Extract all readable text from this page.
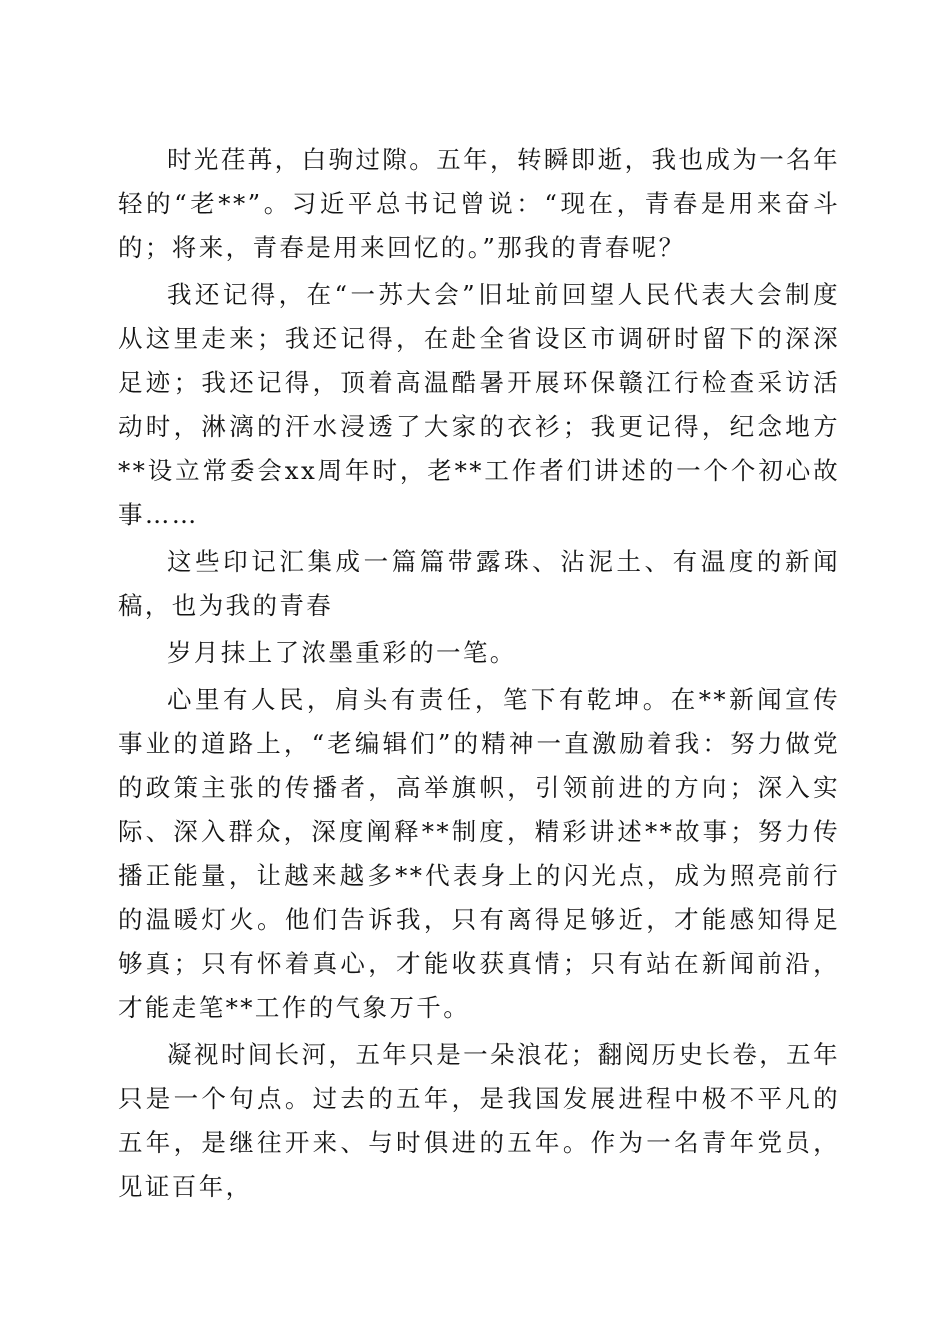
时光荏苒，白驹过隙。五年，转瞬即逝，我也成为一名年轻的“老**”。习近平总书记曾说：“现在，青春是用来奋斗的；将来，青春是用来回忆的。”那我的青春呢？

我还记得，在“一苏大会”旧址前回望人民代表大会制度从这里走来；我还记得，在赴全省设区市调研时留下的深深足迹；我还记得，顶着高温酷暑开展环保赣江行检查采访活动时，淋漓的汗水浸透了大家的衣衫；我更记得，纪念地方**设立常委会xx周年时，老**工作者们讲述的一个个初心故事……

这些印记汇集成一篇篇带露珠、沾泥土、有温度的新闻稿，也为我的青春

岁月抹上了浓墨重彩的一笔。

心里有人民，肩头有责任，笔下有乾坤。在**新闻宣传事业的道路上，“老编辑们”的精神一直激励着我：努力做党的政策主张的传播者，高举旗帜，引领前进的方向；深入实际、深入群众，深度阐释**制度，精彩讲述**故事；努力传播正能量，让越来越多**代表身上的闪光点，成为照亮前行的温暖灯火。他们告诉我，只有离得足够近，才能感知得足够真；只有怀着真心，才能收获真情；只有站在新闻前沿，才能走笔**工作的气象万千。

凝视时间长河，五年只是一朵浪花；翻阅历史长卷，五年只是一个句点。过去的五年，是我国发展进程中极不平凡的五年，是继往开来、与时俱进的五年。作为一名青年党员，见证百年，
